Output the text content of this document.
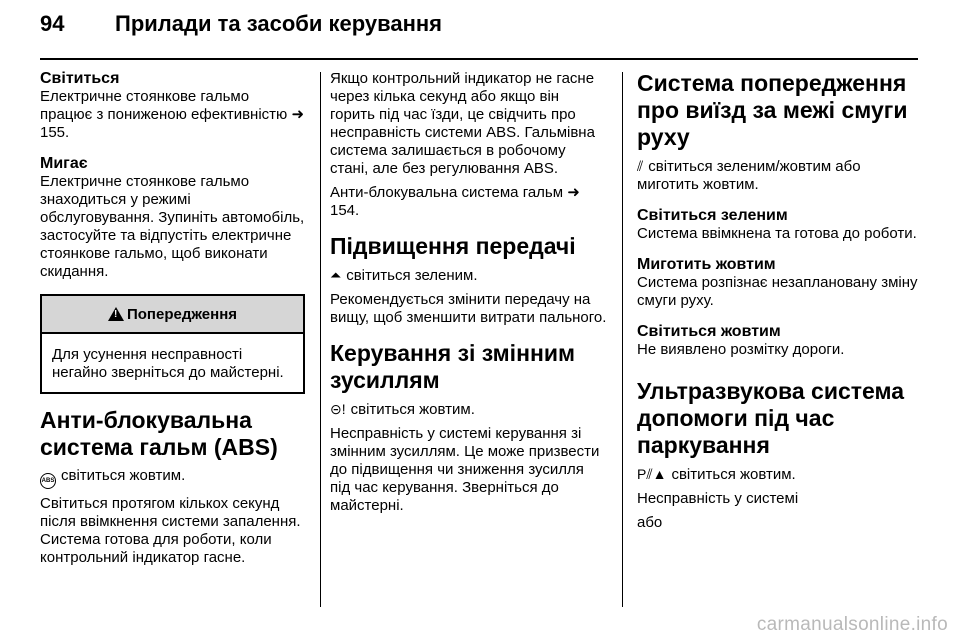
94 Прилади та засоби керування

Світиться

Електричне стоянкове гальмо працює з пониженою ефективністю ➜ 155.

Мигає

Електричне стоянкове гальмо знаходиться у режимі обслуговування. Зупиніть автомобіль, застосуйте та відпустіть електричне стоянкове гальмо, щоб виконати скидання.

!
Попередження

Для усунення несправності негайно зверніться до майстерні.

Анти-блокувальна система гальм (ABS)

ABS світиться жовтим.

Світиться протягом кількох секунд після ввімкнення системи запалення. Система готова для роботи, коли контрольний індикатор гасне.

Якщо контрольний індикатор не гасне через кілька секунд або якщо він горить під час їзди, це свідчить про несправність системи ABS. Гальмівна система залишається в робочому стані, але без регулювання ABS.

Анти-блокувальна система гальм ➜ 154.

Підвищення передачі

⏶ світиться зеленим.

Рекомендується змінити передачу на вищу, щоб зменшити витрати пального.

Керування зі змінним зусиллям

⊝! світиться жовтим.

Несправність у системі керування зі змінним зусиллям. Це може призвести до підвищення чи зниження зусилля під час керування. Зверніться до майстерні.

Система попередження про виїзд за межі смуги руху

⫽ світиться зеленим/жовтим або миготить жовтим.

Світиться зеленим

Система ввімкнена та готова до роботи.

Миготить жовтим

Система розпізнає незаплановану зміну смуги руху.

Світиться жовтим

Не виявлено розмітку дороги.

Ультразвукова система допомоги під час паркування

P⫽▲ світиться жовтим.

Несправність у системі

або

carmanualsonline.info
